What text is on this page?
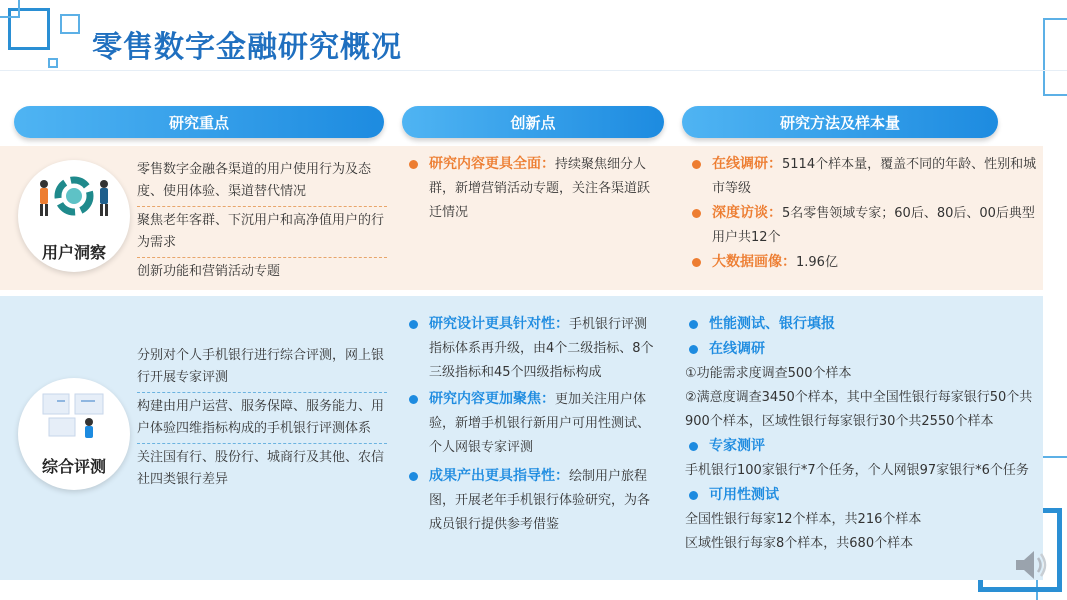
零售数字金融研究概况
研究重点	创新点	研究方法及样本量
用户洞察
零售数字金融各渠道的用户使用行为及态度、使用体验、渠道替代情况
聚焦老年客群、下沉用户和高净值用户的行为需求
创新功能和营销活动专题
研究内容更具全面：持续聚焦细分人群，新增营销活动专题，关注各渠道跃迁情况
在线调研：5114个样本量，覆盖不同的年龄、性别和城市等级
深度访谈：5名零售领域专家；60后、80后、00后典型用户共12个
大数据画像：1.96亿
综合评测
分别对个人手机银行进行综合评测，网上银行开展专家评测
构建由用户运营、服务保障、服务能力、用户体验四维指标构成的手机银行评测体系
关注国有行、股份行、城商行及其他、农信社四类银行差异
研究设计更具针对性：手机银行评测指标体系再升级，由4个二级指标、8个三级指标和45个四级指标构成
研究内容更加聚焦：更加关注用户体验，新增手机银行新用户可用性测试、个人网银专家评测
成果产出更具指导性：绘制用户旅程图，开展老年手机银行体验研究，为各成员银行提供参考借鉴
性能测试、银行填报
在线调研
①功能需求度调查500个样本
②满意度调查3450个样本，其中全国性银行每家银行50个共900个样本，区域性银行每家银行30个共2550个样本
专家测评
手机银行100家银行*7个任务，个人网银97家银行*6个任务
可用性测试
全国性银行每家12个样本，共216个样本
区域性银行每家8个样本，共680个样本
